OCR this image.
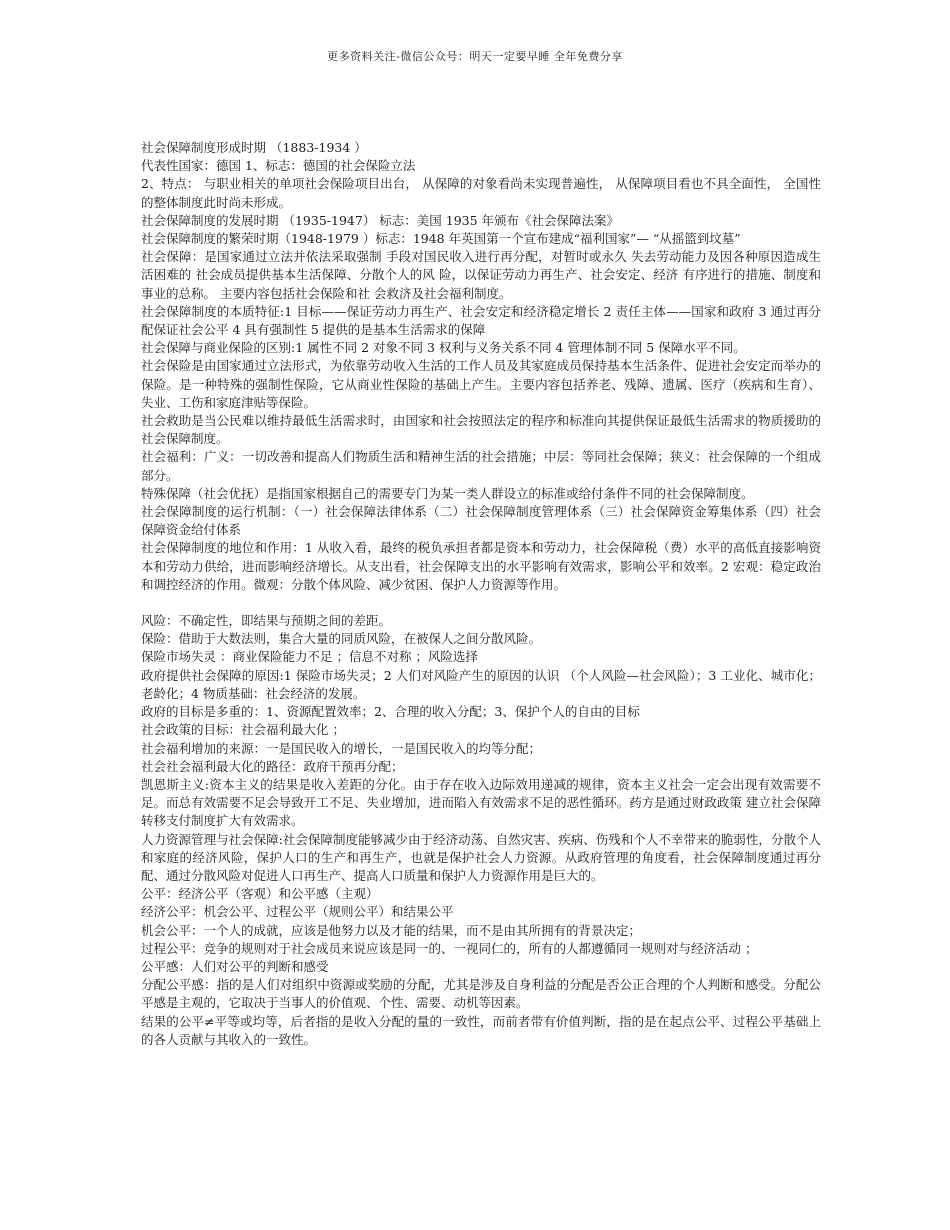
更多资料关注-微信公众号：明天一定要早睡 全年免费分享

社会保障制度形成时期 （1883-1934 ）

代表性国家：德国 1、标志：德国的社会保险立法

2、特点： 与职业相关的单项社会保险项目出台， 从保障的对象看尚未实现普遍性， 从保障项目看也不具全面性， 全国性的整体制度此时尚未形成。

社会保障制度的发展时期 （1935-1947） 标志：美国 1935 年颁布《社会保障法案》

社会保障制度的繁荣时期（1948-1979 ）标志：1948 年英国第一个宣布建成“福利国家”— “从摇篮到坟墓”

社会保障：是国家通过立法并依法采取强制 手段对国民收入进行再分配，对暂时或永久 失去劳动能力及因各种原因造成生活困难的 社会成员提供基本生活保障、分散个人的风 险，以保证劳动力再生产、社会安定、经济 有序进行的措施、制度和事业的总称。 主要内容包括社会保险和社 会救济及社会福利制度。

社会保障制度的本质特征:1 目标——保证劳动力再生产、社会安定和经济稳定增长 2 责任主体——国家和政府 3 通过再分配保证社会公平 4 具有强制性 5 提供的是基本生活需求的保障

社会保障与商业保险的区别:1 属性不同 2 对象不同 3 权利与义务关系不同 4 管理体制不同 5 保障水平不同。

社会保险是由国家通过立法形式，为依靠劳动收入生活的工作人员及其家庭成员保持基本生活条件、促进社会安定而举办的保险。是一种特殊的强制性保险，它从商业性保险的基础上产生。主要内容包括养老、残障、遗属、医疗（疾病和生育）、失业、工伤和家庭津贴等保险。

社会救助是当公民难以维持最低生活需求时，由国家和社会按照法定的程序和标准向其提供保证最低生活需求的物质援助的社会保障制度。

社会福利：广义：一切改善和提高人们物质生活和精神生活的社会措施；中层：等同社会保障；狭义：社会保障的一个组成部分。

特殊保障（社会优抚）是指国家根据自己的需要专门为某一类人群设立的标准或给付条件不同的社会保障制度。

社会保障制度的运行机制：（一）社会保障法律体系（二）社会保障制度管理体系（三）社会保障资金筹集体系（四）社会保障资金给付体系

社会保障制度的地位和作用：1 从收入看，最终的税负承担者都是资本和劳动力，社会保障税（费）水平的高低直接影响资本和劳动力供给，进而影响经济增长。从支出看，社会保障支出的水平影响有效需求，影响公平和效率。2 宏观：稳定政治和调控经济的作用。微观：分散个体风险、减少贫困、保护人力资源等作用。

风险：不确定性，即结果与预期之间的差距。

保险：借助于大数法则，集合大量的同质风险，在被保人之间分散风险。

保险市场失灵 ：商业保险能力不足 ；信息不对称 ；风险选择

政府提供社会保障的原因:1 保险市场失灵；2 人们对风险产生的原因的认识 （个人风险—社会风险）；3 工业化、城市化；老龄化；4 物质基础：社会经济的发展。

政府的目标是多重的：1、资源配置效率；2、合理的收入分配；3、保护个人的自由的目标

社会政策的目标：社会福利最大化 ；

社会福利增加的来源：一是国民收入的增长，一是国民收入的均等分配；

社会社会福利最大化的路径：政府干预再分配；

凯恩斯主义:资本主义的结果是收入差距的分化。由于存在收入边际效用递减的规律，资本主义社会一定会出现有效需要不足。而总有效需要不足会导致开工不足、失业增加，进而陷入有效需求不足的恶性循环。药方是通过财政政策 建立社会保障转移支付制度扩大有效需求。

人力资源管理与社会保障:社会保障制度能够减少由于经济动荡、自然灾害、疾病、伤残和个人不幸带来的脆弱性，分散个人和家庭的经济风险，保护人口的生产和再生产，也就是保护社会人力资源。从政府管理的角度看，社会保障制度通过再分配、通过分散风险对促进人口再生产、提高人口质量和保护人力资源作用是巨大的。

公平：经济公平（客观）和公平感（主观）

经济公平：机会公平、过程公平（规则公平）和结果公平

机会公平：一个人的成就，应该是他努力以及才能的结果，而不是由其所拥有的背景决定；

过程公平：竞争的规则对于社会成员来说应该是同一的、一视同仁的，所有的人都遵循同一规则对与经济活动 ；

公平感：人们对公平的判断和感受

分配公平感：指的是人们对组织中资源或奖励的分配，尤其是涉及自身利益的分配是否公正合理的个人判断和感受。分配公平感是主观的，它取决于当事人的价值观、个性、需要、动机等因素。

结果的公平≠平等或均等，后者指的是收入分配的量的一致性，而前者带有价值判断，指的是在起点公平、过程公平基础上的各人贡献与其收入的一致性。
